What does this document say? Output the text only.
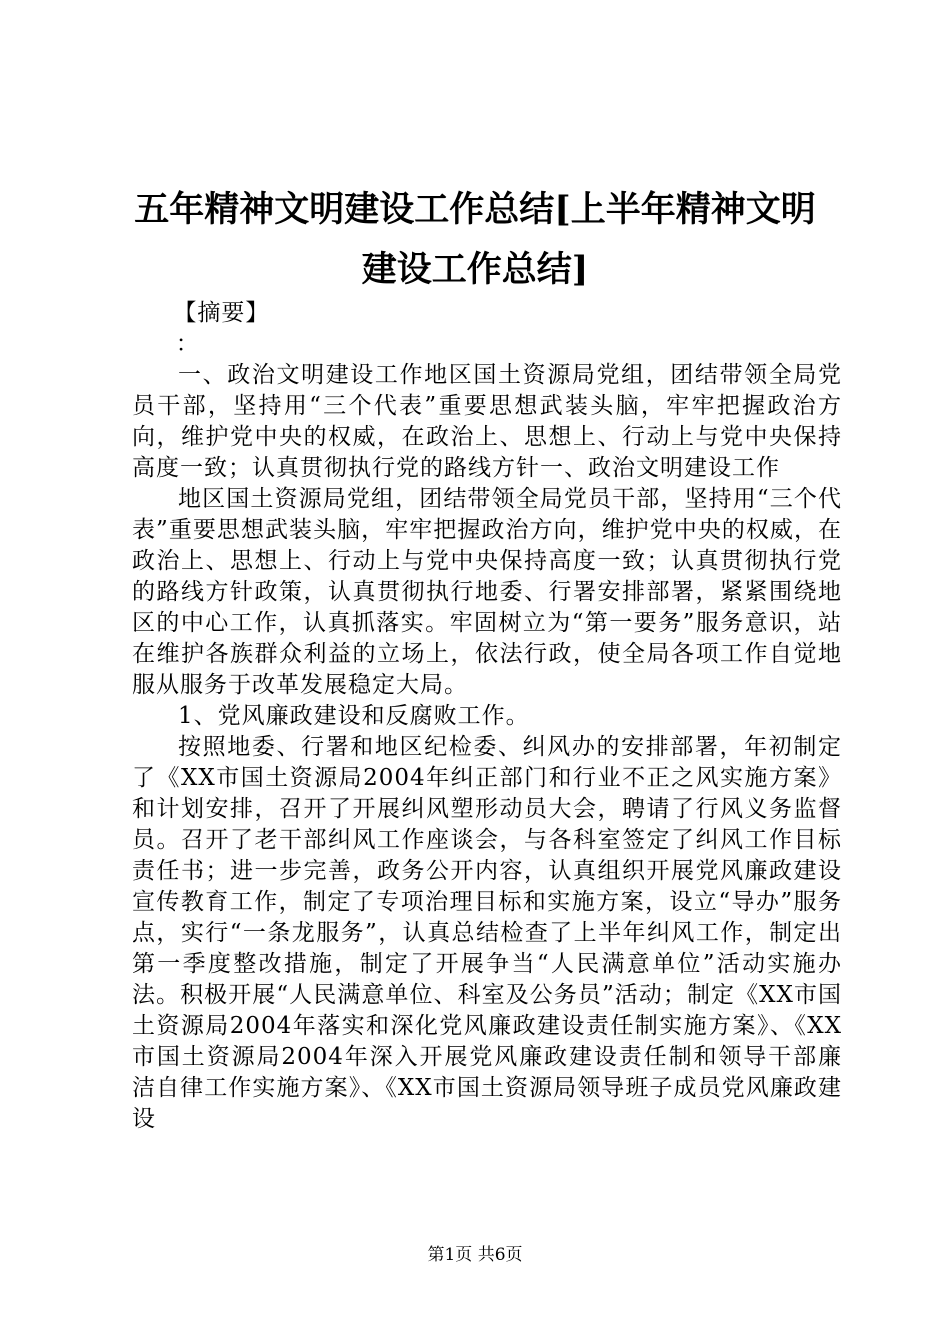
五年精神文明建设工作总结[上半年精神文明建设工作总结]

【摘要】

：

一、政治文明建设工作地区国土资源局党组，团结带领全局党员干部，坚持用“三个代表”重要思想武装头脑，牢牢把握政治方向，维护党中央的权威，在政治上、思想上、行动上与党中央保持高度一致；认真贯彻执行党的路线方针一、政治文明建设工作

地区国土资源局党组，团结带领全局党员干部，坚持用“三个代表”重要思想武装头脑，牢牢把握政治方向，维护党中央的权威，在政治上、思想上、行动上与党中央保持高度一致；认真贯彻执行党的路线方针政策，认真贯彻执行地委、行署安排部署，紧紧围绕地区的中心工作，认真抓落实。牢固树立为“第一要务”服务意识，站在维护各族群众利益的立场上，依法行政，使全局各项工作自觉地服从服务于改革发展稳定大局。

1、党风廉政建设和反腐败工作。

按照地委、行署和地区纪检委、纠风办的安排部署，年初制定了《XX市国土资源局2004年纠正部门和行业不正之风实施方案》和计划安排，召开了开展纠风塑形动员大会，聘请了行风义务监督员。召开了老干部纠风工作座谈会，与各科室签定了纠风工作目标责任书；进一步完善，政务公开内容，认真组织开展党风廉政建设宣传教育工作，制定了专项治理目标和实施方案，设立“导办”服务点，实行“一条龙服务”，认真总结检查了上半年纠风工作，制定出第一季度整改措施，制定了开展争当“人民满意单位”活动实施办法。积极开展“人民满意单位、科室及公务员”活动；制定《XX市国土资源局2004年落实和深化党风廉政建设责任制实施方案》、《XX市国土资源局2004年深入开展党风廉政建设责任制和领导干部廉洁自律工作实施方案》、《XX市国土资源局领导班子成员党风廉政建设

第1页 共6页
